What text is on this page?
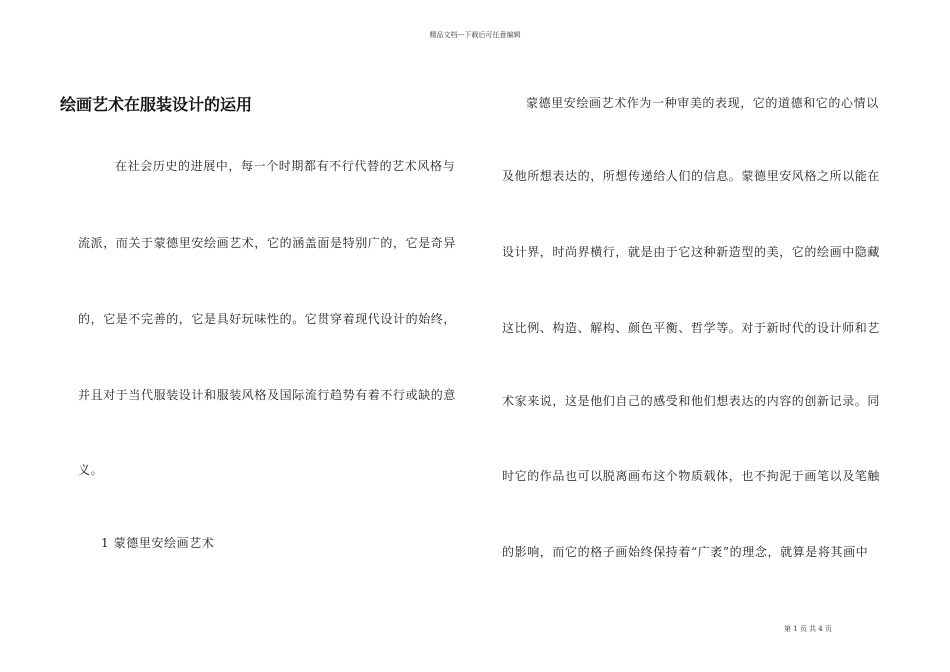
精品文档---下载后可任意编辑
绘画艺术在服装设计的运用
在社会历史的进展中，每一个时期都有不行代替的艺术风格与
流派，而关于蒙德里安绘画艺术，它的涵盖面是特别广的，它是奇异
的，它是不完善的，它是具好玩味性的。它贯穿着现代设计的始终，
并且对于当代服装设计和服装风格及国际流行趋势有着不行或缺的意
义。
1 蒙德里安绘画艺术
蒙德里安绘画艺术作为一种审美的表现，它的道德和它的心情以
及他所想表达的，所想传递给人们的信息。蒙德里安风格之所以能在
设计界，时尚界横行，就是由于它这种新造型的美，它的绘画中隐藏
这比例、构造、解构、颜色平衡、哲学等。对于新时代的设计师和艺
术家来说，这是他们自己的感受和他们想表达的内容的创新记录。同
时它的作品也可以脱离画布这个物质载体，也不拘泥于画笔以及笔触
的影响，而它的格子画始终保持着“广袤”的理念，就算是将其画中
第 1 页 共 4 页
